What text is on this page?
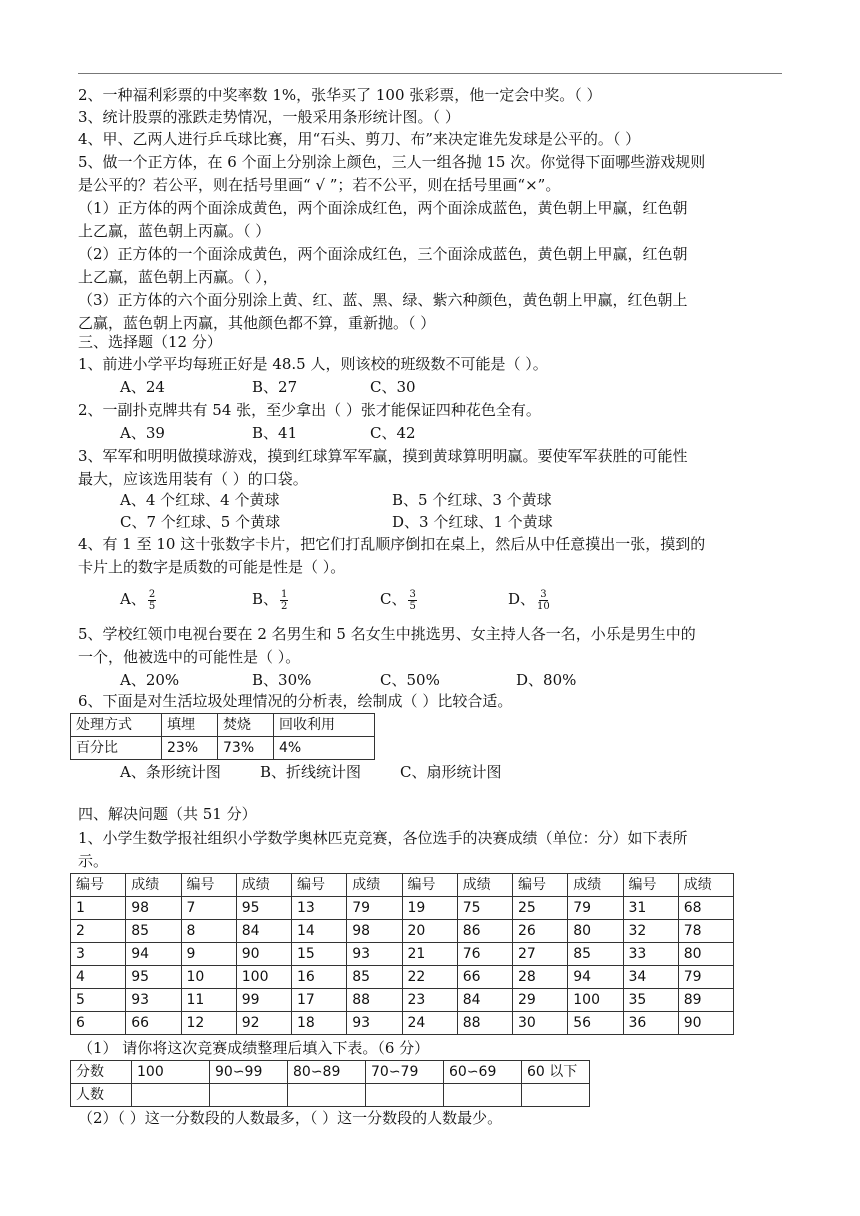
2、一种福利彩票的中奖率数 1%，张华买了 100 张彩票，他一定会中奖。（ ）
3、统计股票的涨跌走势情况，一般采用条形统计图。（ ）
4、甲、乙两人进行乒乓球比赛，用“石头、剪刀、布”来决定谁先发球是公平的。（ ）
5、做一个正方体，在 6 个面上分别涂上颜色，三人一组各抛 15 次。你觉得下面哪些游戏规则
是公平的？若公平，则在括号里画“ √ ”；若不公平，则在括号里画“×”。
（1）正方体的两个面涂成黄色，两个面涂成红色，两个面涂成蓝色，黄色朝上甲赢，红色朝
上乙赢，蓝色朝上丙赢。（ ）
（2）正方体的一个面涂成黄色，两个面涂成红色，三个面涂成蓝色，黄色朝上甲赢，红色朝
上乙赢，蓝色朝上丙赢。（ ），
（3）正方体的六个面分别涂上黄、红、蓝、黑、绿、紫六种颜色，黄色朝上甲赢，红色朝上
乙赢，蓝色朝上丙赢，其他颜色都不算，重新抛。（ ）
三、选择题（12 分）
1、前进小学平均每班正好是 48.5 人，则该校的班级数不可能是（ ）。
A、24	B、27	C、30
2、一副扑克牌共有 54 张，至少拿出（ ）张才能保证四种花色全有。
A、39	B、41	C、42
3、军军和明明做摸球游戏，摸到红球算军军赢，摸到黄球算明明赢。要使军军获胜的可能性
最大，应该选用装有（ ）的口袋。
A、4 个红球、4 个黄球	B、5 个红球、3 个黄球
C、7 个红球、5 个黄球	D、3 个红球、1 个黄球
4、有 1 至 10 这十张数字卡片，把它们打乱顺序倒扣在桌上，然后从中任意摸出一张，摸到的
卡片上的数字是质数的可能是性是（ ）。
A、 $\frac{2}{5}$	B、 $\frac{1}{2}$	C、 $\frac{3}{5}$	D、 $\frac{3}{10}$
5、学校红领巾电视台要在 2 名男生和 5 名女生中挑选男、女主持人各一名，小乐是男生中的
一个，他被选中的可能性是（ ）。
A、20%	B、30%	C、50%	D、80%
6、下面是对生活垃圾处理情况的分析表，绘制成（ ）比较合适。
处理方式	填埋	焚烧	回收利用
百分比	23%	73%	4%
A、条形统计图	B、折线统计图	C、扇形统计图
四、解决问题（共 51 分）
1、小学生数学报社组织小学数学奥林匹克竞赛，各位选手的决赛成绩（单位：分）如下表所
示。
编号	成绩	编号	成绩	编号	成绩	编号	成绩	编号	成绩	编号	成绩
1	98	7	95	13	79	19	75	25	79	31	68
2	85	8	84	14	98	20	86	26	80	32	78
3	94	9	90	15	93	21	76	27	85	33	80
4	95	10	100	16	85	22	66	28	94	34	79
5	93	11	99	17	88	23	84	29	100	35	89
6	66	12	92	18	93	24	88	30	56	36	90
（1） 请你将这次竞赛成绩整理后填入下表。（6 分）
分数	100	90∽99	80∽89	70∽79	60∽69	60 以下
人数						
（2）（ ）这一分数段的人数最多，（ ）这一分数段的人数最少。
